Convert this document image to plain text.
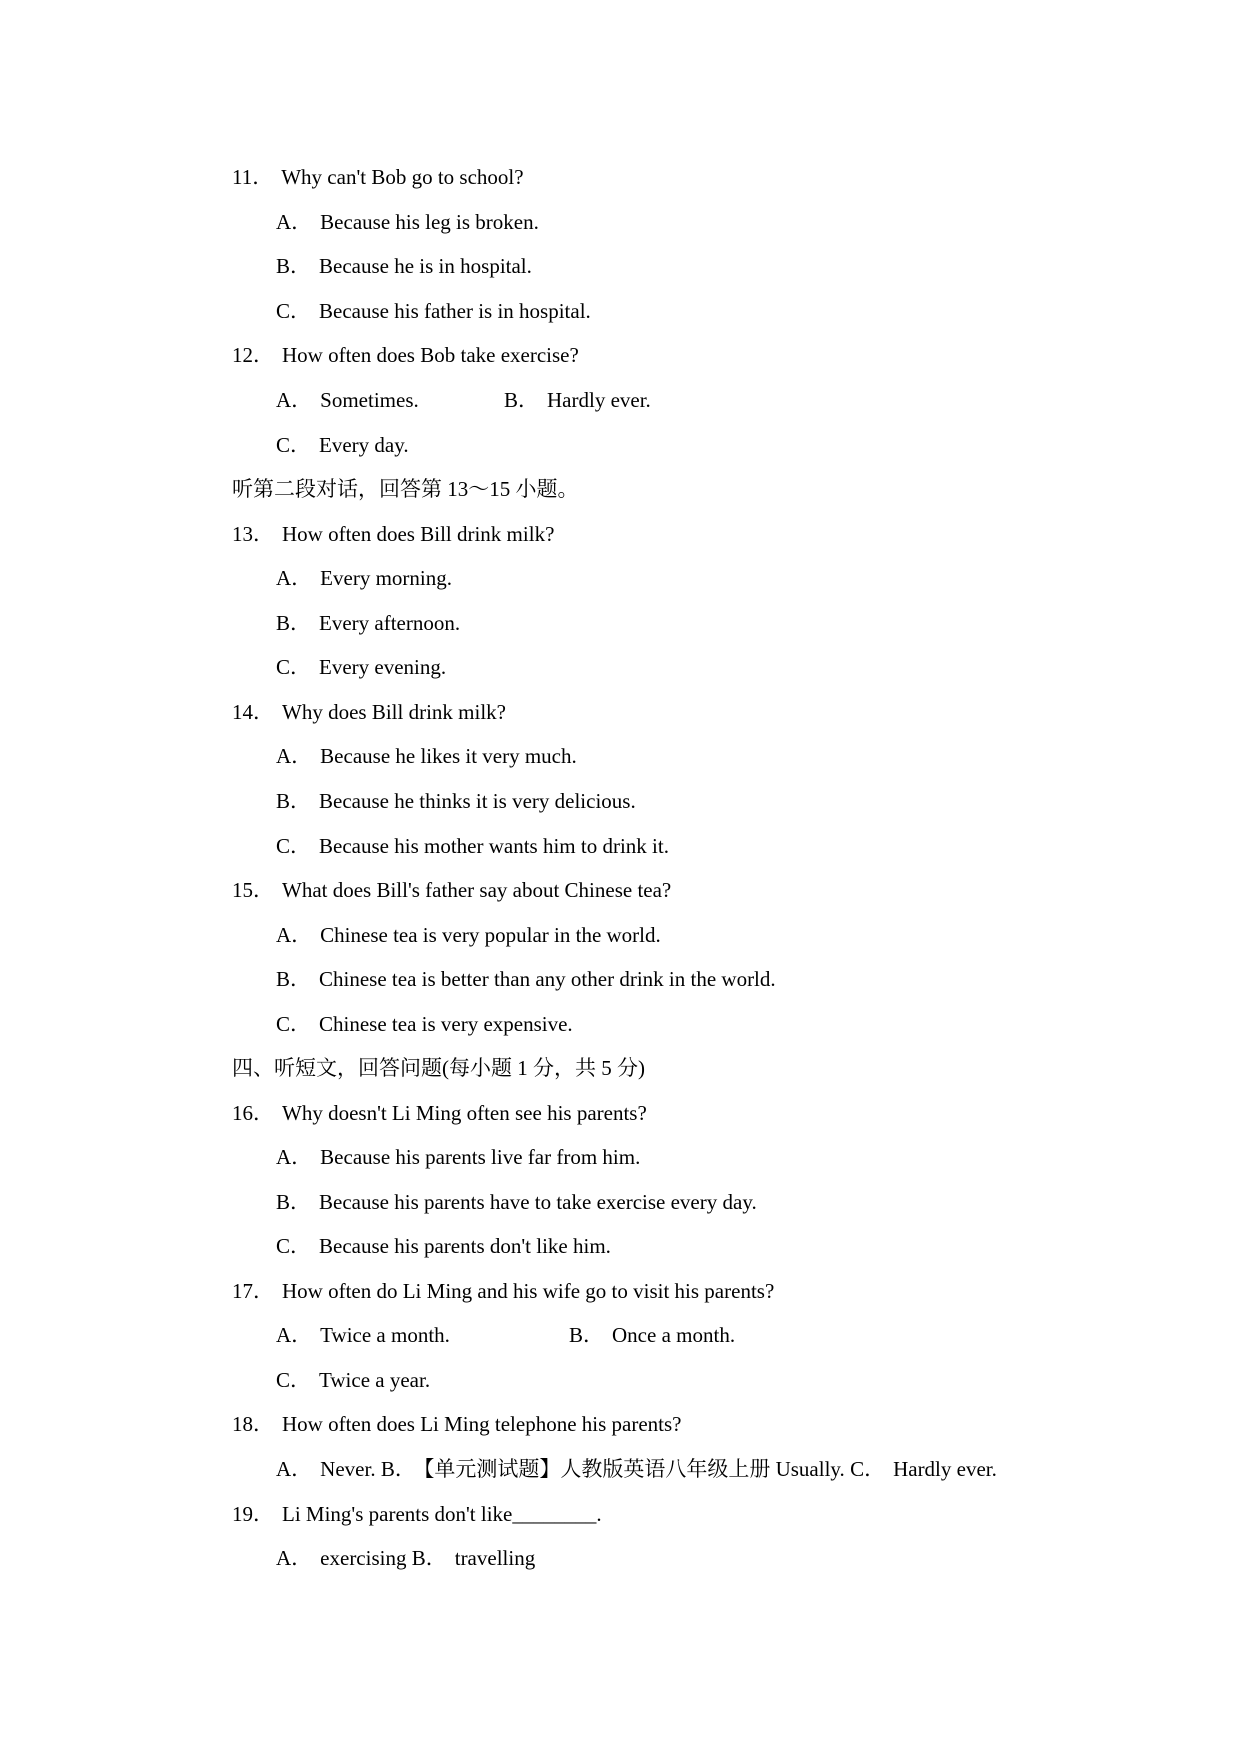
11． Why can't Bob go to school?
A． Because his leg is broken.
B． Because he is in hospital.
C． Because his father is in hospital.
12． How often does Bob take exercise?
A． Sometimes.	B． Hardly ever.
C． Every day.
听第二段对话，回答第 13～15 小题。
13． How often does Bill drink milk?
A． Every morning.
B． Every afternoon.
C． Every evening.
14． Why does Bill drink milk?
A． Because he likes it very much.
B． Because he thinks it is very delicious.
C． Because his mother wants him to drink it.
15． What does Bill's father say about Chinese tea?
A． Chinese tea is very popular in the world.
B． Chinese tea is better than any other drink in the world.
C． Chinese tea is very expensive.
四、听短文，回答问题(每小题 1 分，共 5 分)
16． Why doesn't Li Ming often see his parents?
A． Because his parents live far from him.
B． Because his parents have to take exercise every day.
C． Because his parents don't like him.
17． How often do Li Ming and his wife go to visit his parents?
A． Twice a month.	B． Once a month.
C． Twice a year.
18． How often does Li Ming telephone his parents?
A． Never. B． 【单元测试题】人教版英语八年级上册 Usually. C． Hardly ever.
19． Li Ming's parents don't like________.
A． exercising B． travelling
